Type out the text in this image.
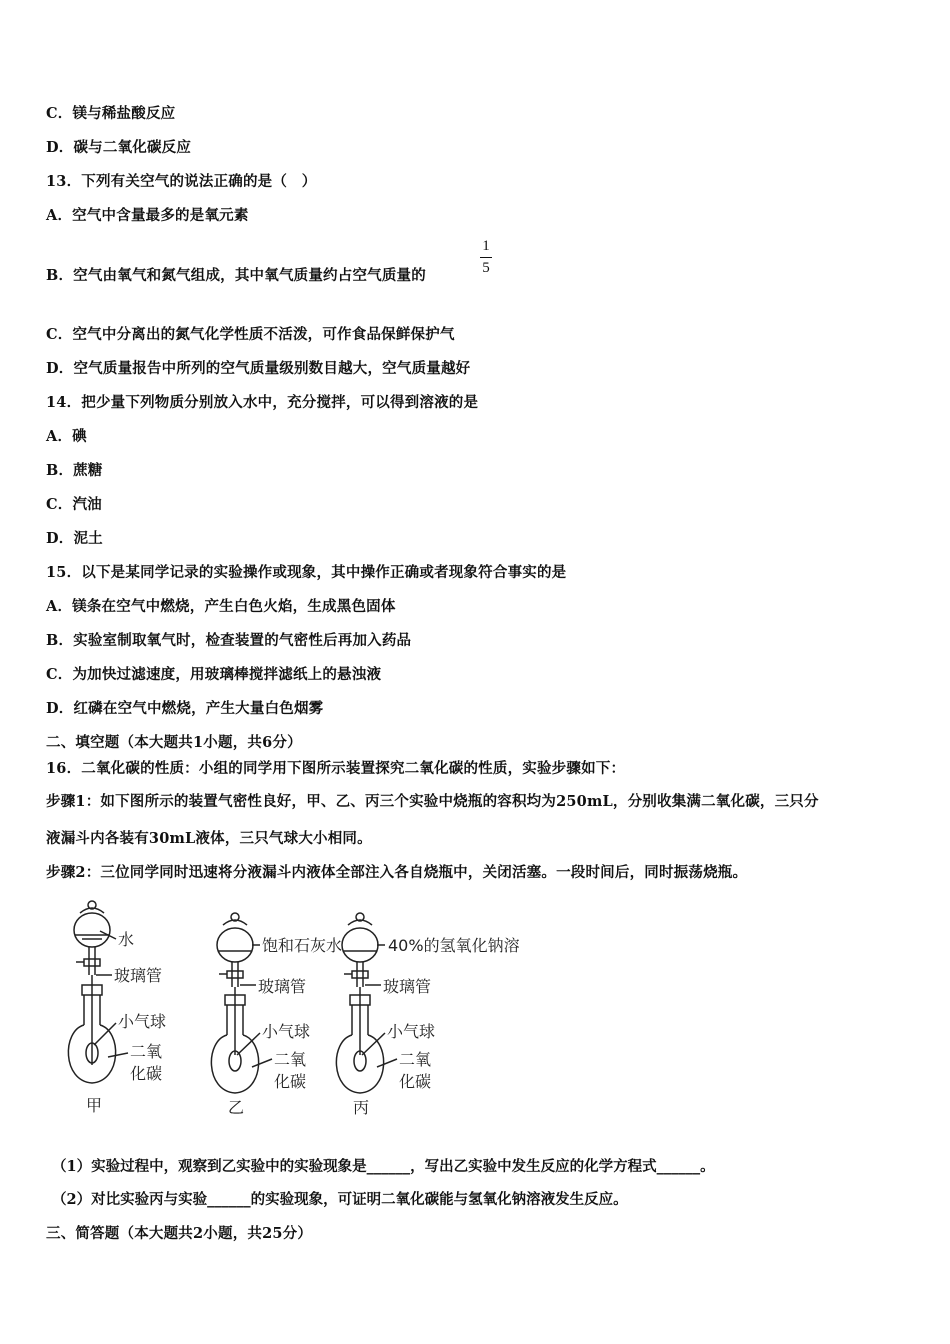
C．镁与稀盐酸反应
D．碳与二氧化碳反应
13．下列有关空气的说法正确的是（　）
A．空气中含量最多的是氧元素
B．空气由氧气和氮气组成，其中氧气质量约占空气质量的
1
5
C．空气中分离出的氮气化学性质不活泼，可作食品保鲜保护气
D．空气质量报告中所列的空气质量级别数目越大，空气质量越好
14．把少量下列物质分别放入水中，充分搅拌，可以得到溶液的是
A．碘
B．蔗糖
C．汽油
D．泥土
15．以下是某同学记录的实验操作或现象，其中操作正确或者现象符合事实的是
A．镁条在空气中燃烧，产生白色火焰，生成黑色固体
B．实验室制取氧气时，检查装置的气密性后再加入药品
C．为加快过滤速度，用玻璃棒搅拌滤纸上的悬浊液
D．红磷在空气中燃烧，产生大量白色烟雾
二、填空题（本大题共1小题，共6分）
16．二氧化碳的性质：小组的同学用下图所示装置探究二氧化碳的性质，实验步骤如下：
步骤1：如下图所示的装置气密性良好，甲、乙、丙三个实验中烧瓶的容积均为250mL，分别收集满二氧化碳，三只分
液漏斗内各装有30mL液体，三只气球大小相同。
步骤2：三位同学同时迅速将分液漏斗内液体全部注入各自烧瓶中，关闭活塞。一段时间后，同时振荡烧瓶。
水
玻璃管
小气球
二氧
化碳
甲
饱和石灰水
玻璃管
小气球
二氧
化碳
乙
40%的氢氧化钠溶
玻璃管
小气球
二氧
化碳
丙
（1）实验过程中，观察到乙实验中的实验现象是______，写出乙实验中发生反应的化学方程式______。
（2）对比实验丙与实验______的实验现象，可证明二氧化碳能与氢氧化钠溶液发生反应。
三、简答题（本大题共2小题，共25分）
